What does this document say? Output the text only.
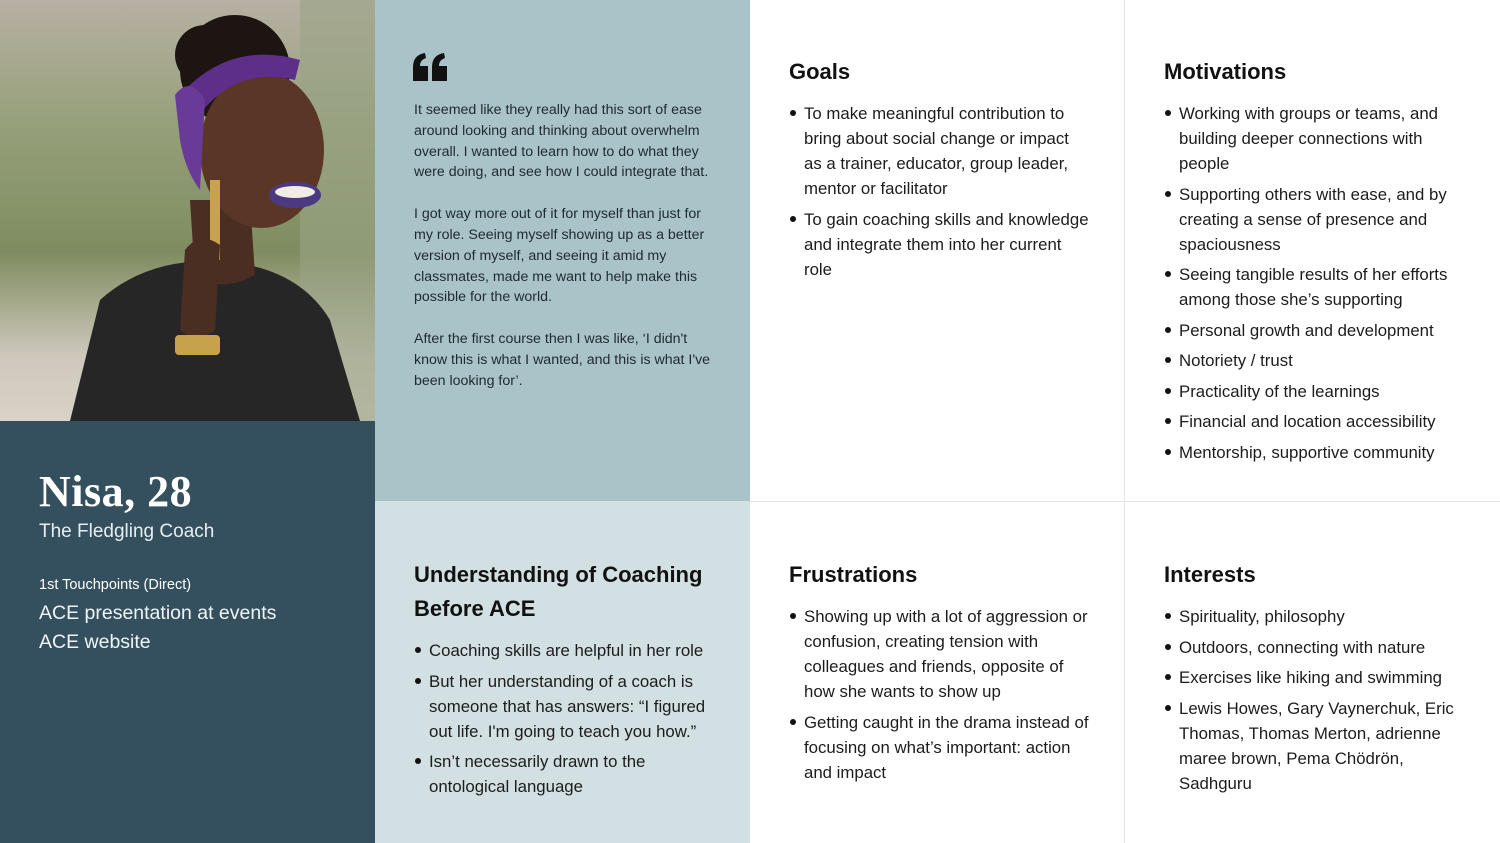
Nisa, 28
The Fledgling Coach
1st Touchpoints (Direct)
ACE presentation at events
ACE website

It seemed like they really had this sort of ease around looking and thinking about overwhelm overall. I wanted to learn how to do what they were doing, and see how I could integrate that.

I got way more out of it for myself than just for my role. Seeing myself showing up as a better version of myself, and seeing it amid my classmates, made me want to help make this possible for the world.

After the first course then I was like, ‘I didn't know this is what I wanted, and this is what I've been looking for’.

Goals
To make meaningful contribution to bring about social change or impact as a trainer, educator, group leader, mentor or facilitator
To gain coaching skills and knowledge and integrate them into her current role
Motivations
Working with groups or teams, and building deeper connections with people
Supporting others with ease, and by creating a sense of presence and spaciousness
Seeing tangible results of her efforts among those she’s supporting
Personal growth and development
Notoriety / trust
Practicality of the learnings
Financial and location accessibility
Mentorship, supportive community
Understanding of Coaching Before ACE
Coaching skills are helpful in her role
But her understanding of a coach is someone that has answers: “I figured out life. I'm going to teach you how.”
Isn’t necessarily drawn to the ontological language
Frustrations
Showing up with a lot of aggression or confusion, creating tension with colleagues and friends, opposite of how she wants to show up
Getting caught in the drama instead of focusing on what’s important: action and impact
Interests
Spirituality, philosophy
Outdoors, connecting with nature
Exercises like hiking and swimming
Lewis Howes, Gary Vaynerchuk, Eric Thomas, Thomas Merton, adrienne maree brown, Pema Chödrön, Sadhguru
